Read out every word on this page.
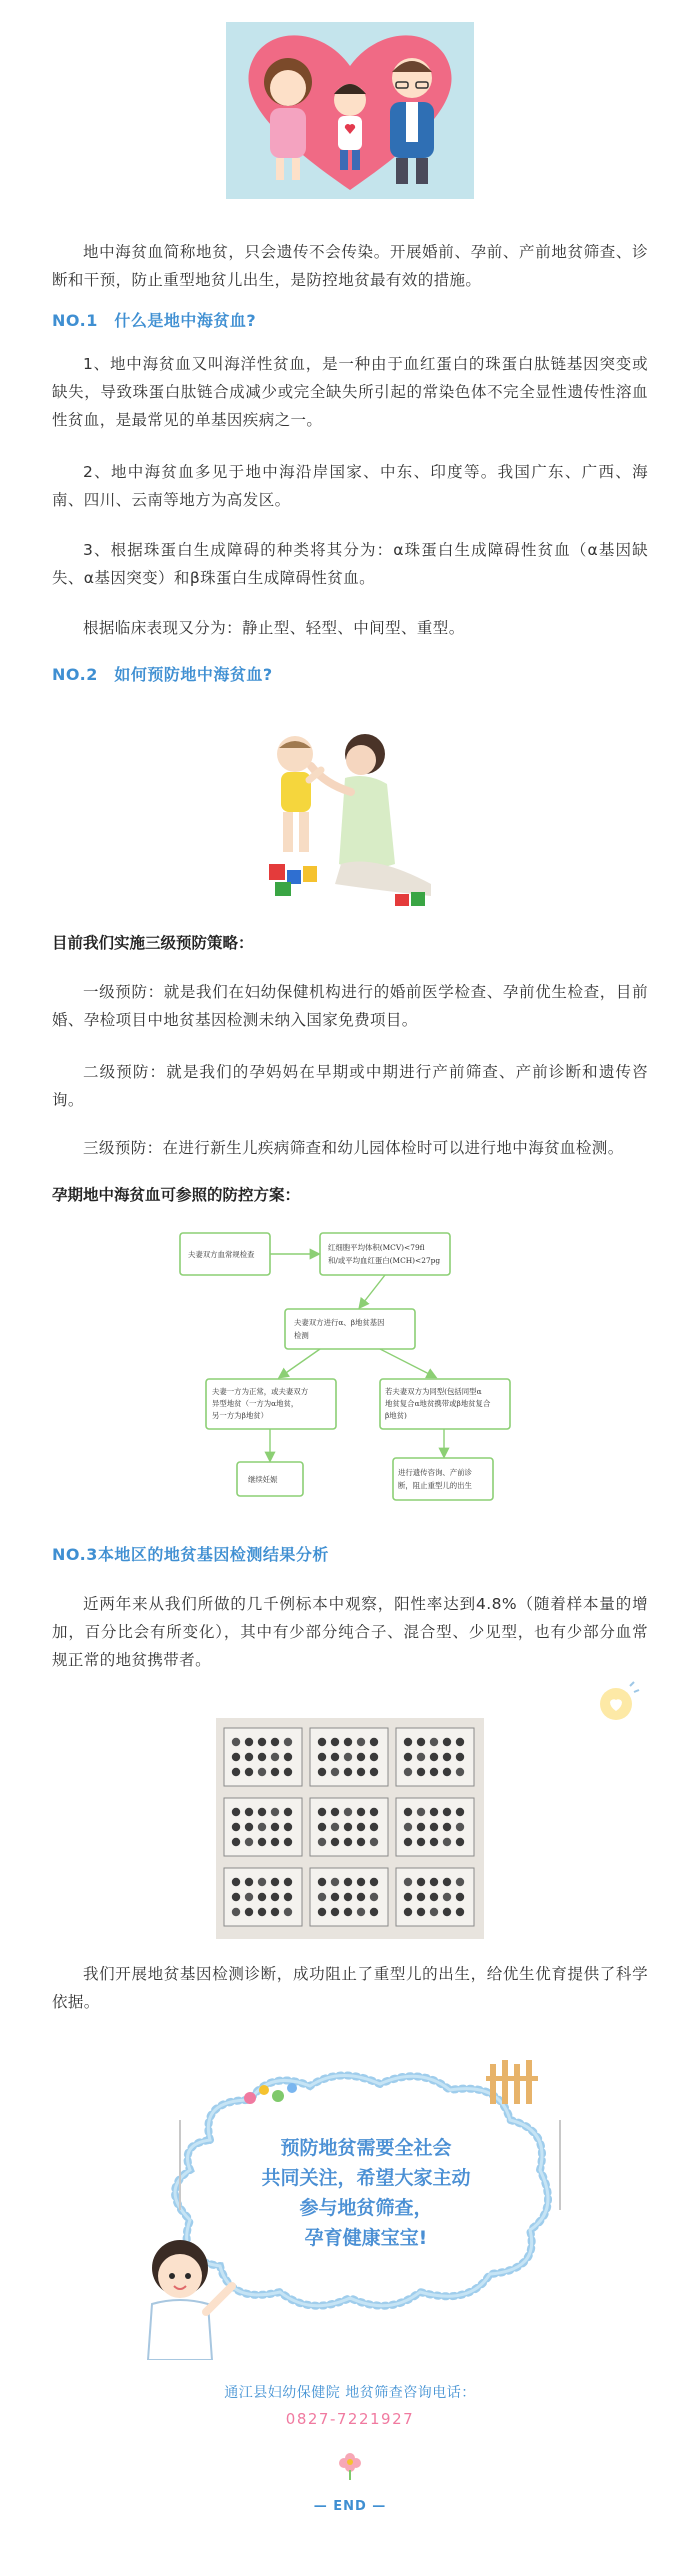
地中海贫血简称地贫，只会遗传不会传染。开展婚前、孕前、产前地贫筛查、诊断和干预，防止重型地贫儿出生，是防控地贫最有效的措施。

NO.1　什么是地中海贫血?

1、地中海贫血又叫海洋性贫血，是一种由于血红蛋白的珠蛋白肽链基因突变或缺失，导致珠蛋白肽链合成减少或完全缺失所引起的常染色体不完全显性遗传性溶血性贫血，是最常见的单基因疾病之一。

2、地中海贫血多见于地中海沿岸国家、中东、印度等。我国广东、广西、海南、四川、云南等地方为高发区。

3、根据珠蛋白生成障碍的种类将其分为：α珠蛋白生成障碍性贫血（α基因缺失、α基因突变）和β珠蛋白生成障碍性贫血。

根据临床表现又分为：静止型、轻型、中间型、重型。

NO.2　如何预防地中海贫血?
目前我们实施三级预防策略：

一级预防：就是我们在妇幼保健机构进行的婚前医学检查、孕前优生检查，目前婚、孕检项目中地贫基因检测未纳入国家免费项目。

二级预防：就是我们的孕妈妈在早期或中期进行产前筛查、产前诊断和遗传咨询。

三级预防：在进行新生儿疾病筛查和幼儿园体检时可以进行地中海贫血检测。

孕期地中海贫血可参照的防控方案：
夫妻双方血常规检查
红细胞平均体积(MCV)<79fl
和/或平均血红蛋白(MCH)<27pg
夫妻双方进行α、β地贫基因
检测
夫妻一方为正常，或夫妻双方
异型地贫（一方为α地贫，
另一方为β地贫）
若夫妻双方为同型(包括同型α
地贫复合α地贫携带或β地贫复合
β地贫)
继续妊娠
进行遗传咨询、产前诊
断，阻止重型儿的出生
NO.3本地区的地贫基因检测结果分析

近两年来从我们所做的几千例标本中观察，阳性率达到4.8%（随着样本量的增加，百分比会有所变化），其中有少部分纯合子、混合型、少见型，也有少部分血常规正常的地贫携带者。

我们开展地贫基因检测诊断，成功阻止了重型儿的出生，给优生优育提供了科学依据。

预防地贫需要全社会
共同关注，希望大家主动
参与地贫筛查，
孕育健康宝宝!
通江县妇幼保健院 地贫筛查咨询电话：
0827-7221927
— END —
